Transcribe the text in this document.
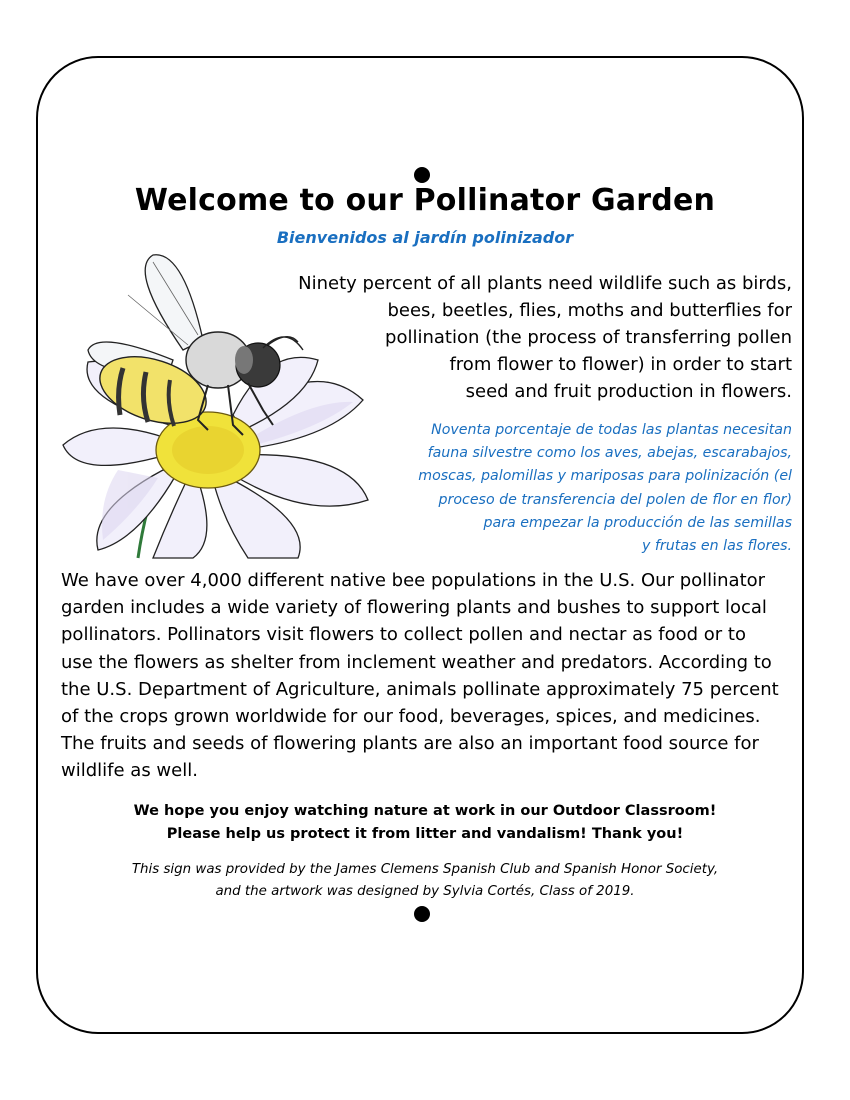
Welcome to our Pollinator Garden
Bienvenidos al jardín polinizador
Ninety percent of all plants need wildlife such as birds,
bees, beetles, flies, moths and butterflies for
pollination (the process of transferring pollen
from flower to flower) in order to start
seed and fruit production in flowers.
Noventa porcentaje de todas las plantas necesitan
fauna silvestre como los aves, abejas, escarabajos,
moscas, palomillas y mariposas para polinización (el
proceso de transferencia del polen de flor en flor)
para empezar la producción de las semillas
y frutas en las flores.
We have over 4,000 different native bee populations in the U.S. Our pollinator
garden includes a wide variety of flowering plants and bushes to support local
pollinators. Pollinators visit flowers to collect pollen and nectar as food or to
use the flowers as shelter from inclement weather and predators. According to
the U.S. Department of Agriculture, animals pollinate approximately 75 percent
of the crops grown worldwide for our food, beverages, spices, and medicines.
The fruits and seeds of flowering plants are also an important food source for
wildlife as well.
We hope you enjoy watching nature at work in our Outdoor Classroom!
Please help us protect it from litter and vandalism! Thank you!
This sign was provided by the James Clemens Spanish Club and Spanish Honor Society,
and the artwork was designed by Sylvia Cortés, Class of 2019.
